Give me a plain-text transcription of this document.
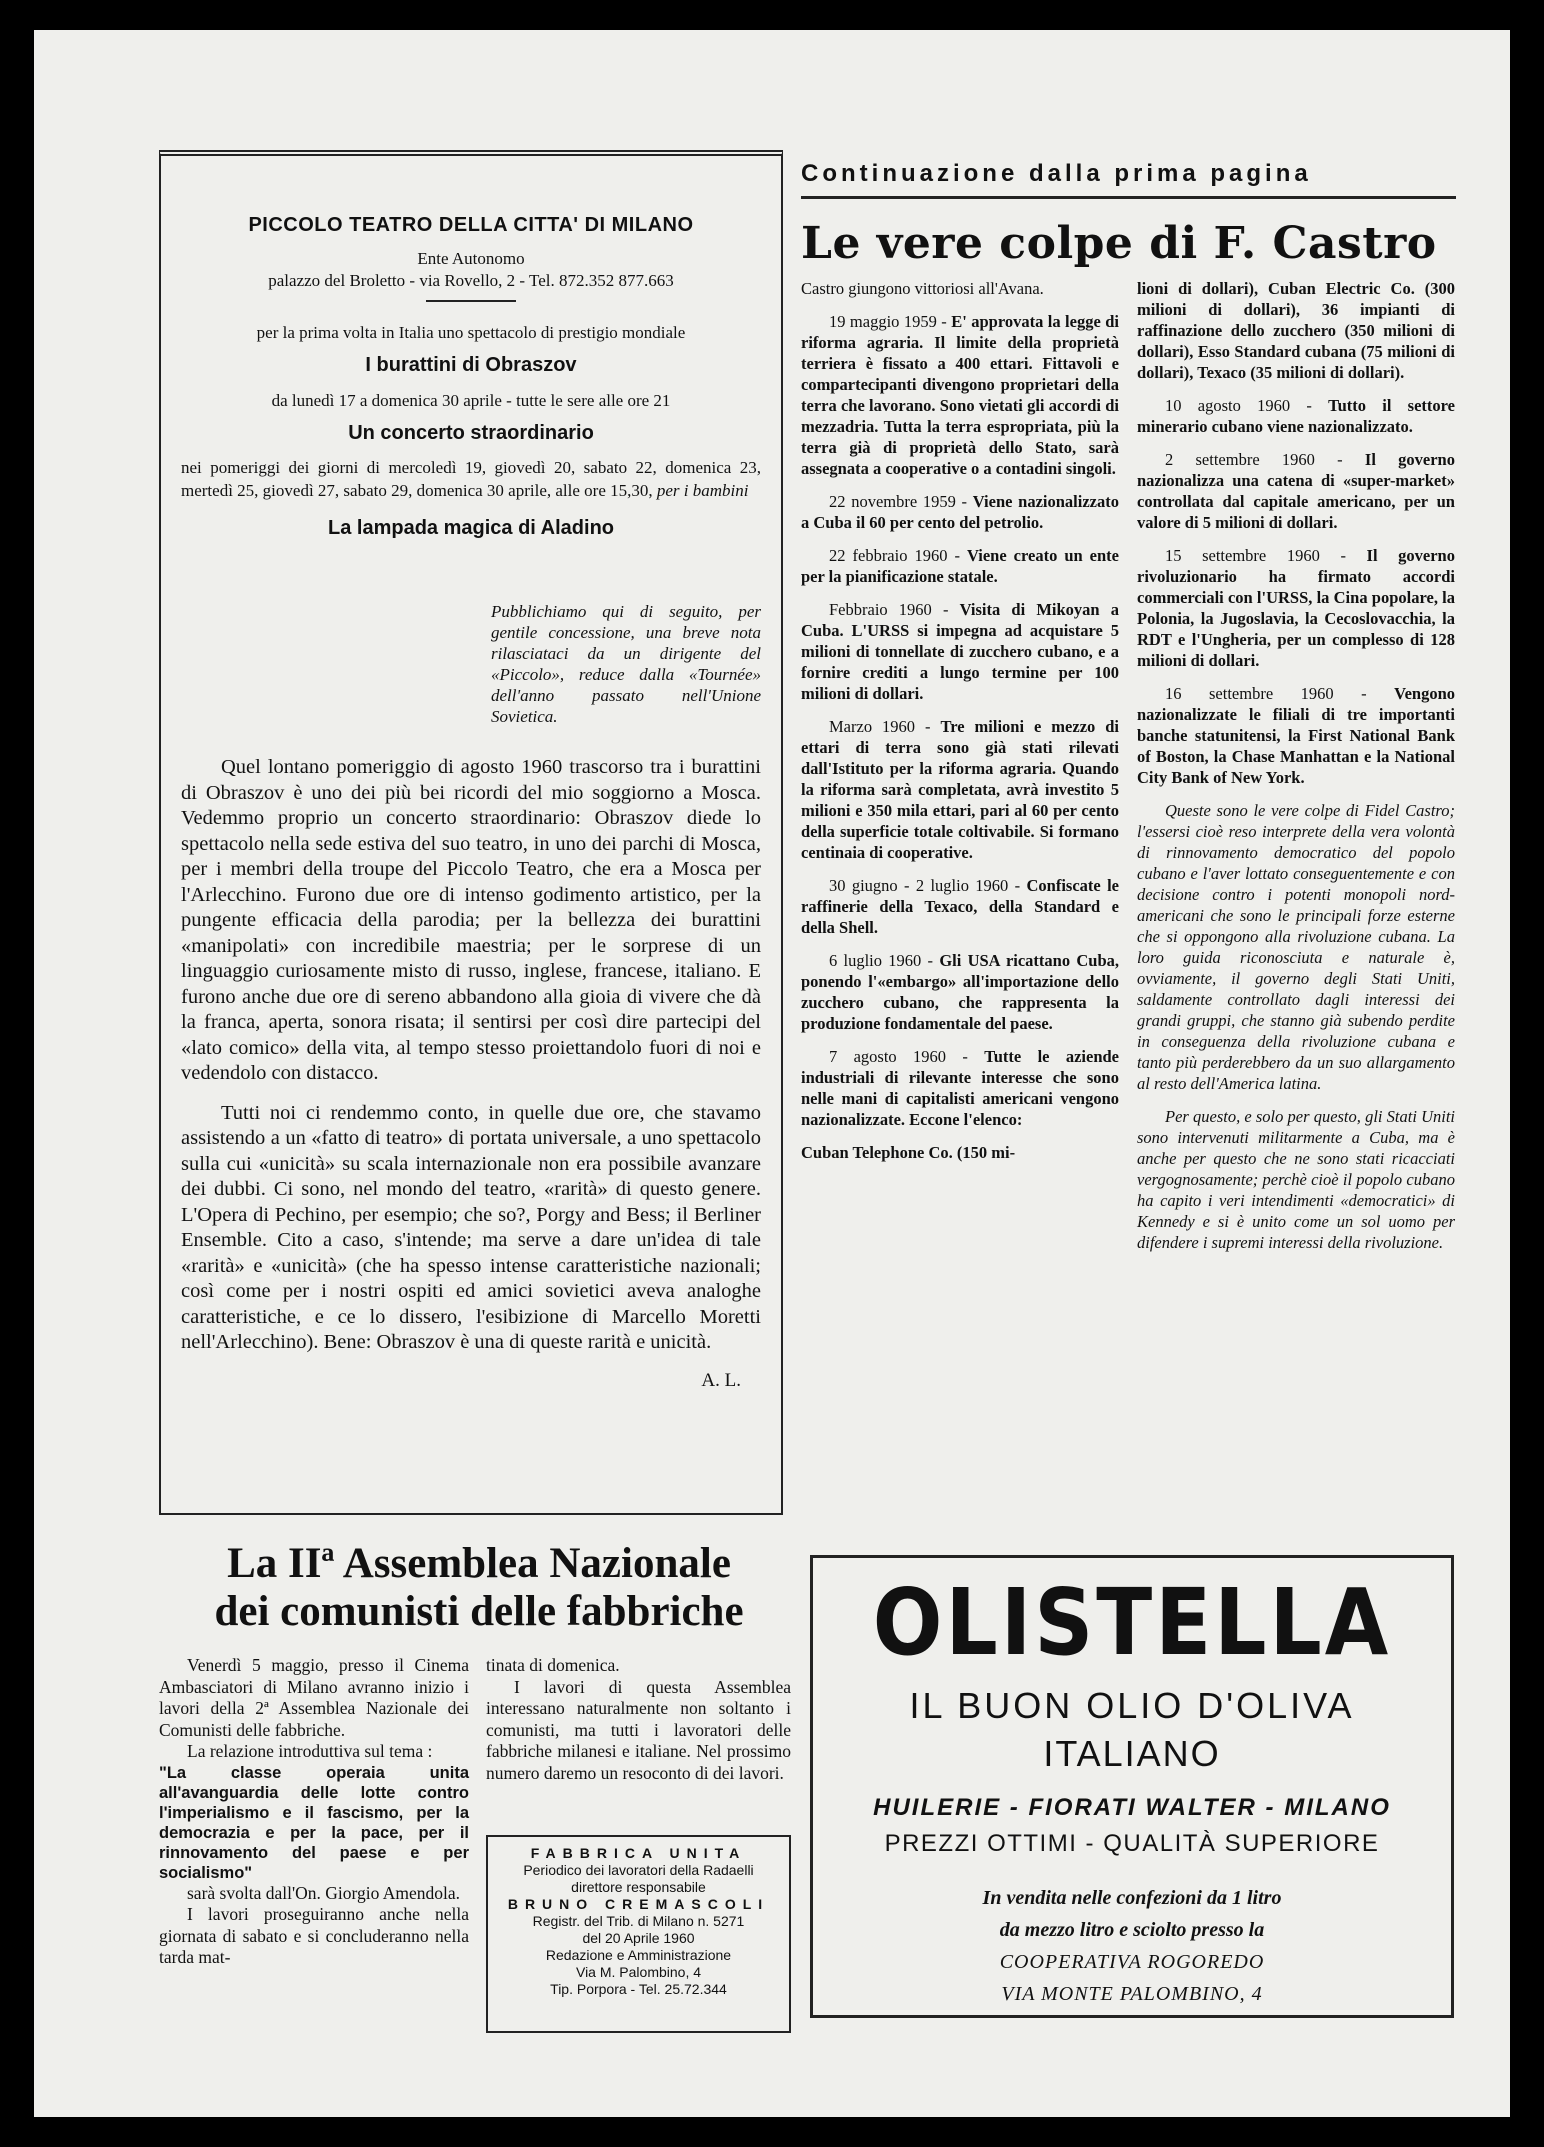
PICCOLO TEATRO DELLA CITTA' DI MILANO
Ente Autonomo
palazzo del Broletto - via Rovello, 2 - Tel. 872.352 877.663
per la prima volta in Italia uno spettacolo di prestigio mondiale
I burattini di Obraszov
da lunedì 17 a domenica 30 aprile - tutte le sere alle ore 21
Un concerto straordinario
nei pomeriggi dei giorni di mercoledì 19, giovedì 20, sabato 22, domenica 23, mertedì 25, giovedì 27, sabato 29, domenica 30 aprile, alle ore 15,30, per i bambini
La lampada magica di Aladino
Pubblichiamo qui di seguito, per gentile concessione, una breve nota rilasciataci da un dirigente del «Piccolo», reduce dalla «Tournée» dell'anno passato nell'Unione Sovietica.

Quel lontano pomeriggio di agosto 1960 trascorso tra i burattini di Obraszov è uno dei più bei ricordi del mio soggiorno a Mosca. Vedemmo proprio un concerto straordinario: Obraszov diede lo spettacolo nella sede estiva del suo teatro, in uno dei parchi di Mosca, per i membri della troupe del Piccolo Teatro, che era a Mosca per l'Arlecchino. Furono due ore di intenso godimento artistico, per la pungente efficacia della parodia; per la bellezza dei burattini «manipolati» con incredibile maestria; per le sorprese di un linguaggio curiosamente misto di russo, inglese, francese, italiano. E furono anche due ore di sereno abbandono alla gioia di vivere che dà la franca, aperta, sonora risata; il sentirsi per così dire partecipi del «lato comico» della vita, al tempo stesso proiettandolo fuori di noi e vedendolo con distacco.

Tutti noi ci rendemmo conto, in quelle due ore, che stavamo assistendo a un «fatto di teatro» di portata universale, a uno spettacolo sulla cui «unicità» su scala internazionale non era possibile avanzare dei dubbi. Ci sono, nel mondo del teatro, «rarità» di questo genere. L'Opera di Pechino, per esempio; che so?, Porgy and Bess; il Berliner Ensemble. Cito a caso, s'intende; ma serve a dare un'idea di tale «rarità» e «unicità» (che ha spesso intense caratteristiche nazionali; così come per i nostri ospiti ed amici sovietici aveva analoghe caratteristiche, e ce lo dissero, l'esibizione di Marcello Moretti nell'Arlecchino). Bene: Obraszov è una di queste rarità e unicità.

A. L.
Continuazione dalla prima pagina
Le vere colpe di F. Castro

Castro giungono vittoriosi all'Avana.

19 maggio 1959 - E' approvata la legge di riforma agraria. Il limite della proprietà terriera è fissato a 400 ettari. Fittavoli e compartecipanti divengono proprietari della terra che lavorano. Sono vietati gli accordi di mezzadria. Tutta la terra espropriata, più la terra già di proprietà dello Stato, sarà assegnata a cooperative o a contadini singoli.

22 novembre 1959 - Viene nazionalizzato a Cuba il 60 per cento del petrolio.

22 febbraio 1960 - Viene creato un ente per la pianificazione statale.

Febbraio 1960 - Visita di Mikoyan a Cuba. L'URSS si impegna ad acquistare 5 milioni di tonnellate di zucchero cubano, e a fornire crediti a lungo termine per 100 milioni di dollari.

Marzo 1960 - Tre milioni e mezzo di ettari di terra sono già stati rilevati dall'Istituto per la riforma agraria. Quando la riforma sarà completata, avrà investito 5 milioni e 350 mila ettari, pari al 60 per cento della superficie totale coltivabile. Si formano centinaia di cooperative.

30 giugno - 2 luglio 1960 - Confiscate le raffinerie della Texaco, della Standard e della Shell.

6 luglio 1960 - Gli USA ricattano Cuba, ponendo l'«embargo» all'importazione dello zucchero cubano, che rappresenta la produzione fondamentale del paese.

7 agosto 1960 - Tutte le aziende industriali di rilevante interesse che sono nelle mani di capitalisti americani vengono nazionalizzate. Eccone l'elenco:

Cuban Telephone Co. (150 mi-

lioni di dollari), Cuban Electric Co. (300 milioni di dollari), 36 impianti di raffinazione dello zucchero (350 milioni di dollari), Esso Standard cubana (75 milioni di dollari), Texaco (35 milioni di dollari).

10 agosto 1960 - Tutto il settore minerario cubano viene nazionalizzato.

2 settembre 1960 - Il governo nazionalizza una catena di «super-market» controllata dal capitale americano, per un valore di 5 milioni di dollari.

15 settembre 1960 - Il governo rivoluzionario ha firmato accordi commerciali con l'URSS, la Cina popolare, la Polonia, la Jugoslavia, la Cecoslovacchia, la RDT e l'Ungheria, per un complesso di 128 milioni di dollari.

16 settembre 1960 - Vengono nazionalizzate le filiali di tre importanti banche statunitensi, la First National Bank of Boston, la Chase Manhattan e la National City Bank of New York.

Queste sono le vere colpe di Fidel Castro; l'essersi cioè reso interprete della vera volontà di rinnovamento democratico del popolo cubano e l'aver lottato conseguentemente e con decisione contro i potenti monopoli nord-americani che sono le principali forze esterne che si oppongono alla rivoluzione cubana. La loro guida riconosciuta e naturale è, ovviamente, il governo degli Stati Uniti, saldamente controllato dagli interessi dei grandi gruppi, che stanno già subendo perdite in conseguenza della rivoluzione cubana e tanto più perderebbero da un suo allargamento al resto dell'America latina.

Per questo, e solo per questo, gli Stati Uniti sono intervenuti militarmente a Cuba, ma è anche per questo che ne sono stati ricacciati vergognosamente; perchè cioè il popolo cubano ha capito i veri intendimenti «democratici» di Kennedy e si è unito come un sol uomo per difendere i supremi interessi della rivoluzione.

La IIª Assemblea Nazionale
dei comunisti delle fabbriche

Venerdì 5 maggio, presso il Cinema Ambasciatori di Milano avranno inizio i lavori della 2ª Assemblea Nazionale dei Comunisti delle fabbriche.

La relazione introduttiva sul tema :

"La classe operaia unita all'avanguardia delle lotte contro l'imperialismo e il fascismo, per la democrazia e per la pace, per il rinnovamento del paese e per socialismo"

sarà svolta dall'On. Giorgio Amendola.

I lavori proseguiranno anche nella giornata di sabato e si concluderanno nella tarda mat-

tinata di domenica.

I lavori di questa Assemblea interessano naturalmente non soltanto i comunisti, ma tutti i lavoratori delle fabbriche milanesi e italiane. Nel prossimo numero daremo un resoconto di dei lavori.

FABBRICA UNITA
Periodico dei lavoratori della Radaelli
direttore responsabile
BRUNO CREMASCOLI
Registr. del Trib. di Milano n. 5271
del 20 Aprile 1960
Redazione e Amministrazione
Via M. Palombino, 4
Tip. Porpora - Tel. 25.72.344
OLISTELLA
IL BUON OLIO D'OLIVA
ITALIANO
HUILERIE - FIORATI WALTER - MILANO
PREZZI OTTIMI - QUALITÀ SUPERIORE
In vendita nelle confezioni da 1 litro
da mezzo litro e sciolto presso la
COOPERATIVA ROGOREDO
VIA MONTE PALOMBINO, 4
